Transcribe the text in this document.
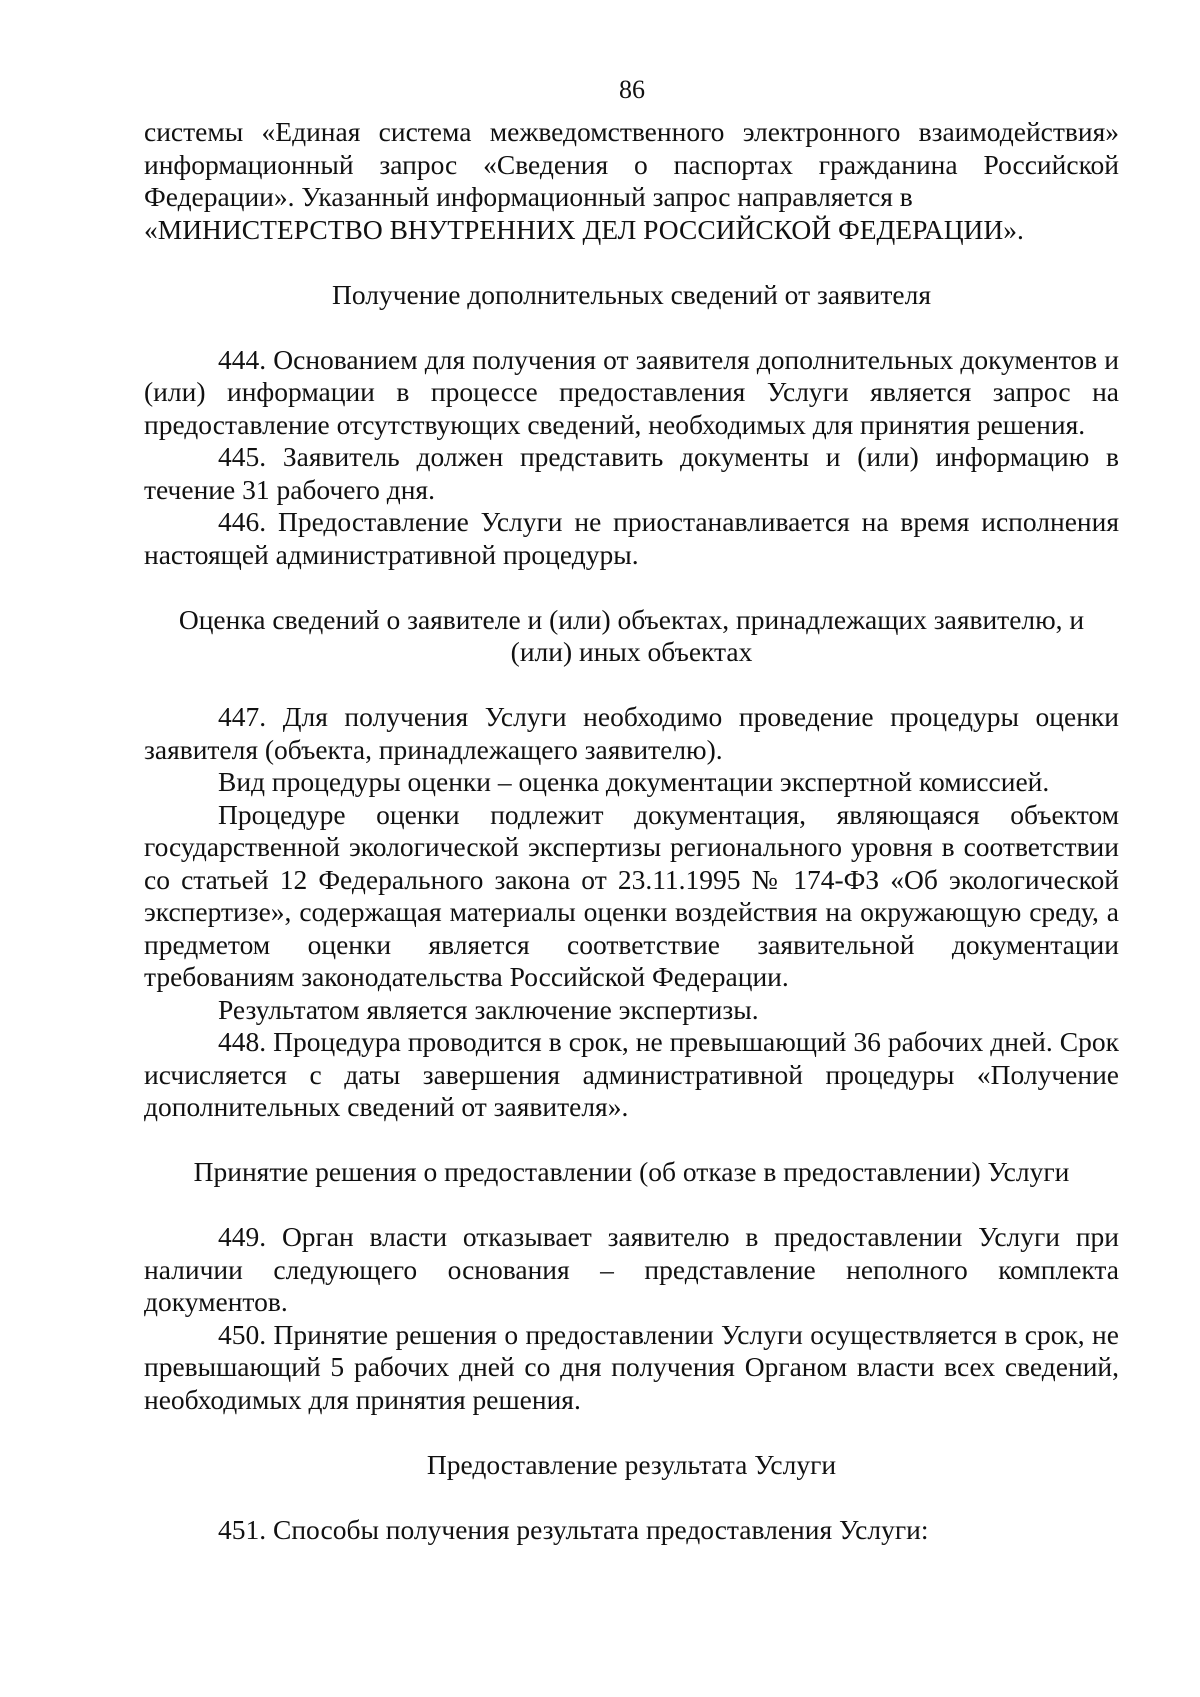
86

системы «Единая система межведомственного электронного взаимодействия» информационный запрос «Сведения о паспортах гражданина Российской Федерации». Указанный информационный запрос направляется в

«МИНИСТЕРСТВО ВНУТРЕННИХ ДЕЛ РОССИЙСКОЙ ФЕДЕРАЦИИ».

Получение дополнительных сведений от заявителя

444. Основанием для получения от заявителя дополнительных документов и (или) информации в процессе предоставления Услуги является запрос на предоставление отсутствующих сведений, необходимых для принятия решения.

445. Заявитель должен представить документы и (или) информацию в течение 31 рабочего дня.

446. Предоставление Услуги не приостанавливается на время исполнения настоящей административной процедуры.

Оценка сведений о заявителе и (или) объектах, принадлежащих заявителю, и

(или) иных объектах

447. Для получения Услуги необходимо проведение процедуры оценки заявителя (объекта, принадлежащего заявителю).

Вид процедуры оценки – оценка документации экспертной комиссией.

Процедуре оценки подлежит документация, являющаяся объектом государственной экологической экспертизы регионального уровня в соответствии со статьей 12 Федерального закона от 23.11.1995 № 174-ФЗ «Об экологической экспертизе», содержащая материалы оценки воздействия на окружающую среду, а предметом оценки является соответствие заявительной документации требованиям законодательства Российской Федерации.

Результатом является заключение экспертизы.

448. Процедура проводится в срок, не превышающий 36 рабочих дней. Срок исчисляется с даты завершения административной процедуры «Получение дополнительных сведений от заявителя».

Принятие решения о предоставлении (об отказе в предоставлении) Услуги

449. Орган власти отказывает заявителю в предоставлении Услуги при наличии следующего основания – представление неполного комплекта документов.

450. Принятие решения о предоставлении Услуги осуществляется в срок, не превышающий 5 рабочих дней со дня получения Органом власти всех сведений, необходимых для принятия решения.

Предоставление результата Услуги

451. Способы получения результата предоставления Услуги:
